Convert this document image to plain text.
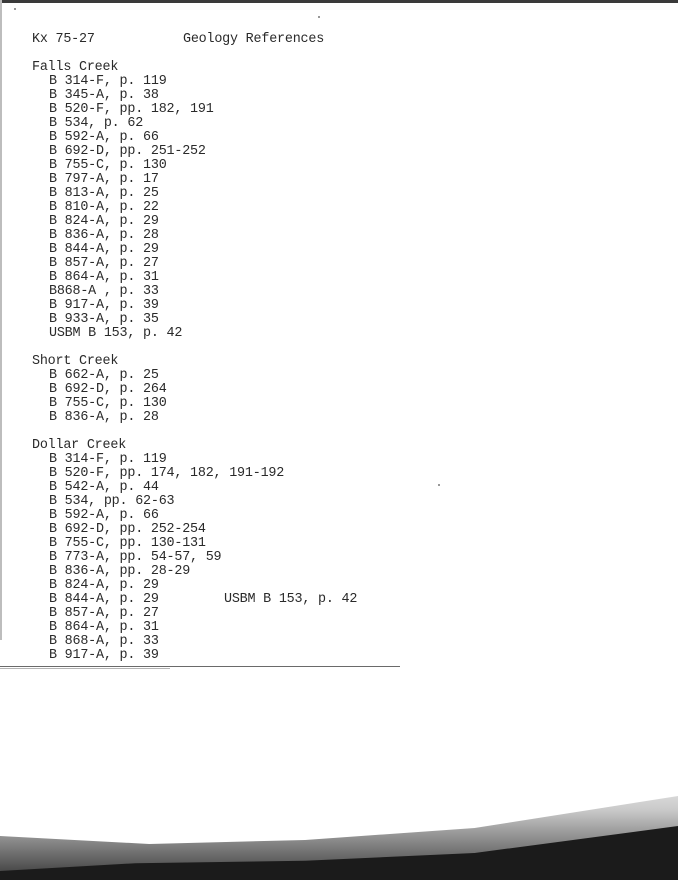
Kx 75-27	Geology References
Falls Creek
B 314-F, p. 119
B 345-A, p. 38
B 520-F, pp. 182, 191
B 534, p. 62
B 592-A, p. 66
B 692-D, pp. 251-252
B 755-C, p. 130
B 797-A, p. 17
B 813-A, p. 25
B 810-A, p. 22
B 824-A, p. 29
B 836-A, p. 28
B 844-A, p. 29
B 857-A, p. 27
B 864-A, p. 31
B868-A , p. 33
B 917-A, p. 39
B 933-A, p. 35
USBM B 153, p. 42
Short Creek
B 662-A, p. 25
B 692-D, p. 264
B 755-C, p. 130
B 836-A, p. 28
Dollar Creek
B 314-F, p. 119
B 520-F, pp. 174, 182, 191-192
B 542-A, p. 44
B 534, pp. 62-63
B 592-A, p. 66
B 692-D, pp. 252-254
B 755-C, pp. 130-131
B 773-A, pp. 54-57, 59
B 836-A, pp. 28-29
B 824-A, p. 29
B 844-A, p. 29
B 857-A, p. 27
B 864-A, p. 31
B 868-A, p. 33
B 917-A, p. 39
USBM B 153, p. 42
